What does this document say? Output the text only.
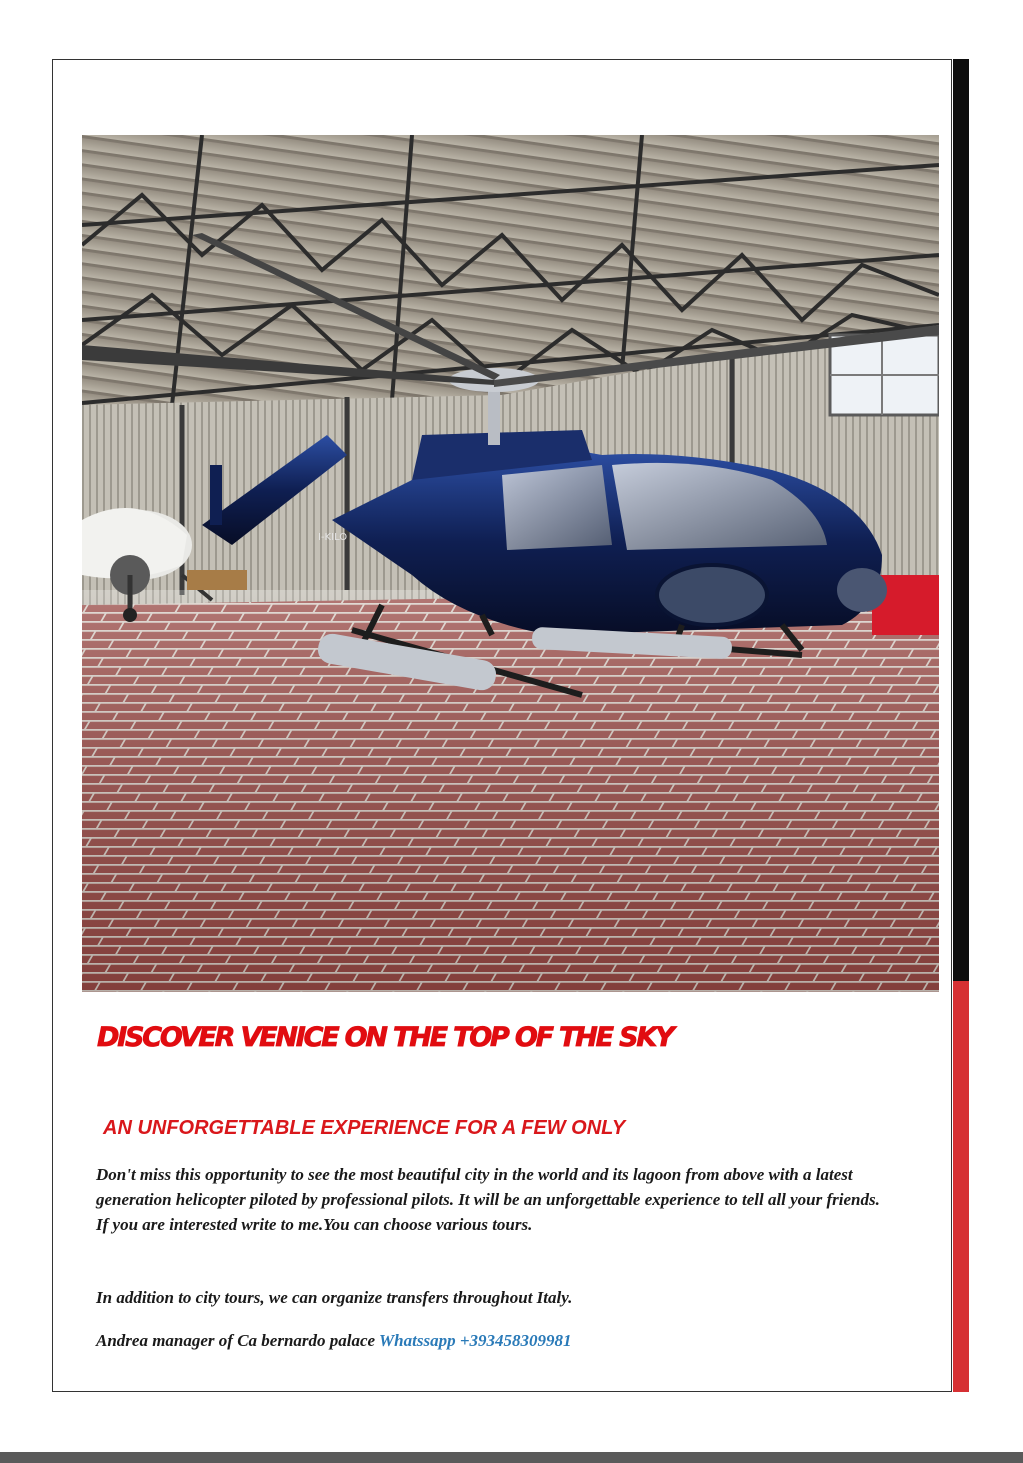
I-KILO
DISCOVER VENICE ON THE TOP OF THE SKY
AN UNFORGETTABLE EXPERIENCE FOR A FEW ONLY

Don't miss this opportunity to see the most beautiful city in the world and its lagoon from above with a latest generation helicopter piloted by professional pilots. It will be an unforgettable experience to tell all your friends. If you are interested write to me.You can choose various tours.

In addition to city tours, we can organize transfers throughout Italy.

Andrea manager of Ca bernardo palace Whatssapp +393458309981
